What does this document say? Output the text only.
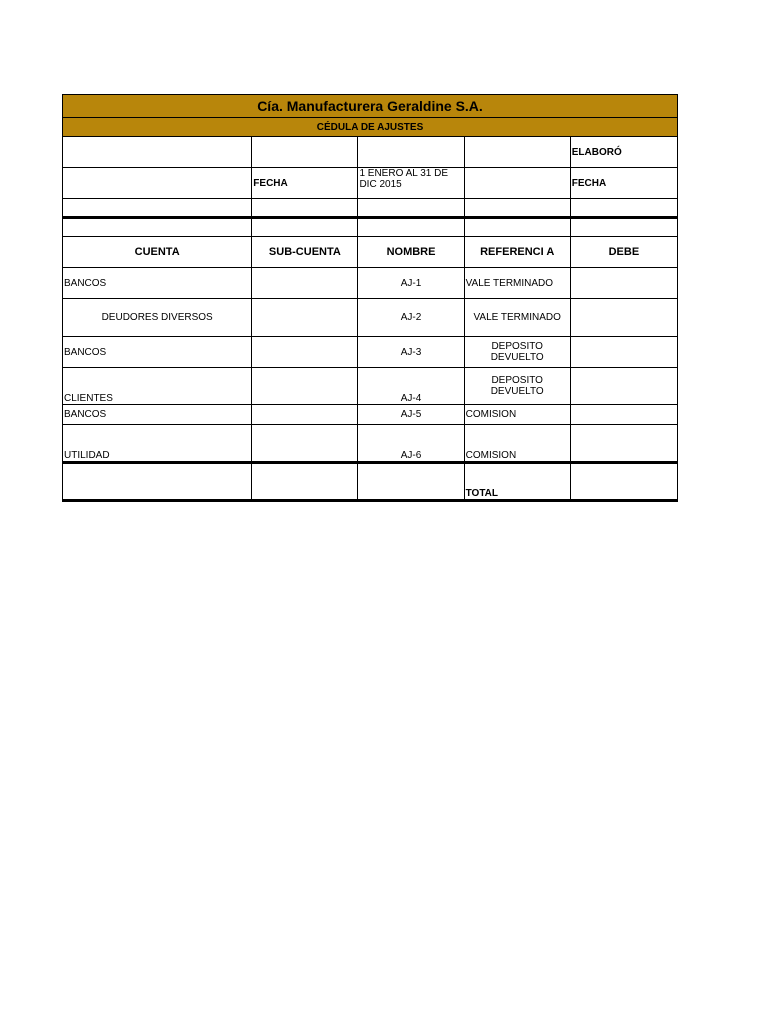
Cía. Manufacturera Geraldine S.A.				
CÉDULA DE AJUSTES				
				ELABORÓ
	FECHA	1 ENERO AL 31 DE DIC 2015		FECHA

CUENTA	SUB-CUENTA	NOMBRE	REFERENCI A	DEBE
BANCOS		AJ-1	VALE TERMINADO	
DEUDORES DIVERSOS		AJ-2	VALE TERMINADO	
BANCOS		AJ-3	DEPOSITO DEVUELTO	
CLIENTES		AJ-4	DEPOSITO DEVUELTO	
BANCOS		AJ-5	COMISION	
UTILIDAD		AJ-6	COMISION	
			TOTAL	
